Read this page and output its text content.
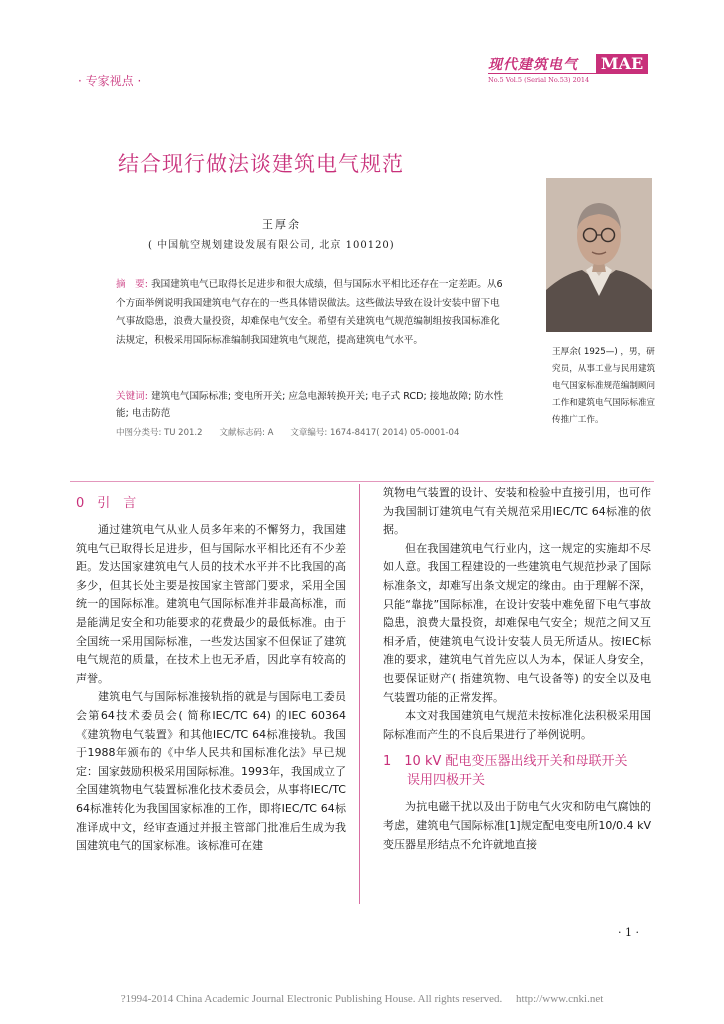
· 专家视点 ·
现代建筑电气	MAE
No.5 Vol.5 (Serial No.53) 2014
结合现行做法谈建筑电气规范
王厚余
( 中国航空规划建设发展有限公司, 北京 100120)
摘　要: 我国建筑电气已取得长足进步和很大成绩，但与国际水平相比还存在一定差距。从6个方面举例说明我国建筑电气存在的一些具体错误做法。这些做法导致在设计安装中留下电气事故隐患，浪费大量投资，却难保电气安全。希望有关建筑电气规范编制组按我国标准化法规定，积极采用国际标准编制我国建筑电气规范，提高建筑电气水平。
关键词: 建筑电气国际标准; 变电所开关; 应急电源转换开关; 电子式 RCD; 接地故障; 防水性能; 电击防范
中图分类号: TU 201.2　　文献标志码: A　　文章编号: 1674-8417( 2014) 05-0001-04
王厚余( 1925—) ，男，研究员，从事工业与民用建筑电气国家标准规范编制顾问工作和建筑电气国际标准宣传推广工作。
0　引　言

通过建筑电气从业人员多年来的不懈努力，我国建筑电气已取得长足进步，但与国际水平相比还有不少差距。发达国家建筑电气人员的技术水平并不比我国的高多少，但其长处主要是按国家主管部门要求，采用全国统一的国际标准。建筑电气国际标准并非最高标准，而是能满足安全和功能要求的花费最少的最低标准。由于全国统一采用国际标准，一些发达国家不但保证了建筑电气规范的质量，在技术上也无矛盾，因此享有较高的声誉。

建筑电气与国际标准接轨指的就是与国际电工委员会第64技术委员会( 简称IEC/TC 64) 的IEC 60364《建筑物电气装置》和其他IEC/TC 64标准接轨。我国于1988年颁布的《中华人民共和国标准化法》早已规定：国家鼓励积极采用国际标准。1993年，我国成立了全国建筑物电气装置标准化技术委员会，从事将IEC/TC 64标准转化为我国国家标准的工作，即将IEC/TC 64标准译成中文，经审查通过并报主管部门批准后生成为我国建筑电气的国家标准。该标准可在建

筑物电气装置的设计、安装和检验中直接引用，也可作为我国制订建筑电气有关规范采用IEC/TC 64标准的依据。

但在我国建筑电气行业内，这一规定的实施却不尽如人意。我国工程建设的一些建筑电气规范抄录了国际标准条文，却难写出条文规定的缘由。由于理解不深，只能“靠拢”国际标准，在设计安装中难免留下电气事故隐患，浪费大量投资，却难保电气安全；规范之间又互相矛盾，使建筑电气设计安装人员无所适从。按IEC标准的要求，建筑电气首先应以人为本，保证人身安全，也要保证财产( 指建筑物、电气设备等) 的安全以及电气装置功能的正常发挥。

本文对我国建筑电气规范未按标准化法积极采用国际标准而产生的不良后果进行了举例说明。

1　10 kV 配电变压器出线开关和母联开关
误用四极开关

为抗电磁干扰以及出于防电气火灾和防电气腐蚀的考虑，建筑电气国际标准[1]规定配电变电所10/0.4 kV变压器星形结点不允许就地直接

· 1 ·
?1994-2014 China Academic Journal Electronic Publishing House. All rights reserved.　 http://www.cnki.net
